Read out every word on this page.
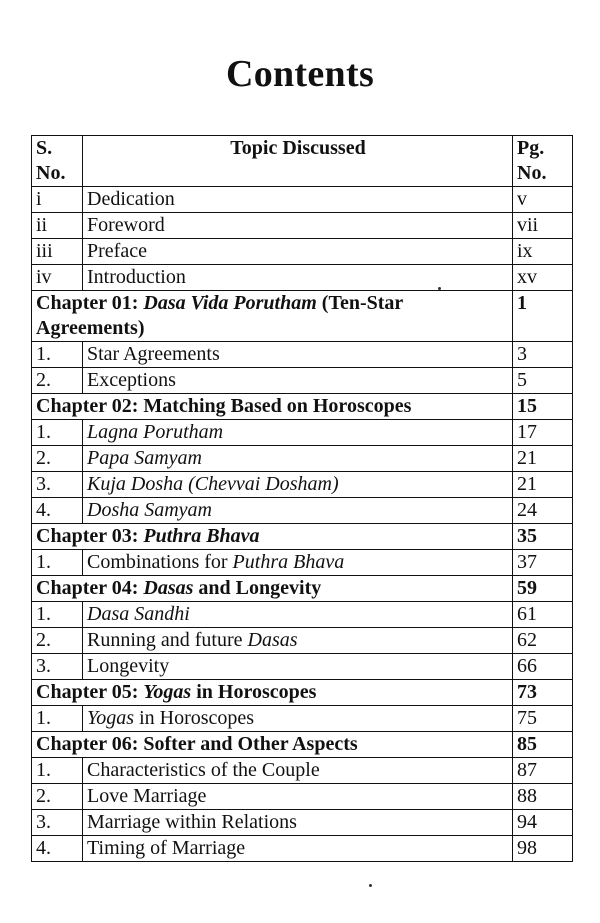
Contents
S. No.	Topic Discussed	Pg. No.
i	Dedication	v
ii	Foreword	vii
iii	Preface	ix
iv	Introduction	xv
Chapter 01: Dasa Vida Porutham (Ten-Star Agreements)		1
1.	Star Agreements	3
2.	Exceptions	5
Chapter 02: Matching Based on Horoscopes		15
1.	Lagna Porutham	17
2.	Papa Samyam	21
3.	Kuja Dosha (Chevvai Dosham)	21
4.	Dosha Samyam	24
Chapter 03: Puthra Bhava		35
1.	Combinations for Puthra Bhava	37
Chapter 04: Dasas and Longevity		59
1.	Dasa Sandhi	61
2.	Running and future Dasas	62
3.	Longevity	66
Chapter 05: Yogas in Horoscopes		73
1.	Yogas in Horoscopes	75
Chapter 06: Softer and Other Aspects		85
1.	Characteristics of the Couple	87
2.	Love Marriage	88
3.	Marriage within Relations	94
4.	Timing of Marriage	98
